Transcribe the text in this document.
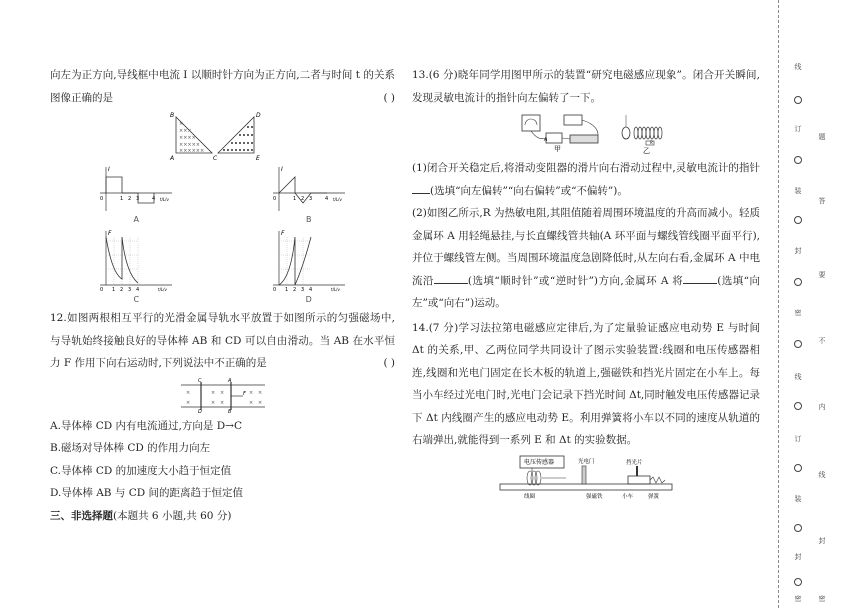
向左为正方向,导线框中电流 I 以顺时针方向为正方向,二者与时间 t 的关系图像正确的是	( )

×
×××
××××
×××××
××××××
B
A	C
D
E
I
0	1 2 3	4 t/L/v
A
I
0	1 2 3	4 t/L/v
B
F
0 1 2 3 4	t/L/v
C
F
0 1 2 3 4	t/L/v
D

12.如图两根相互平行的光滑金属导轨水平放置于如图所示的匀强磁场中,与导轨始终接触良好的导体棒 AB 和 CD 可以自由滑动。当 AB 在水平恒力 F 作用下向右运动时,下列说法中不正确的是	( )

×
×
×
×
×
×
×
×
×
×
C
D
A
B
F

A.导体棒 CD 内有电流通过,方向是 D→C

B.磁场对导体棒 CD 的作用力向左

C.导体棒 CD 的加速度大小趋于恒定值

D.导体棒 AB 与 CD 间的距离趋于恒定值

三、非选择题(本题共 6 小题,共 60 分)

13.(6 分)晓年同学用图甲所示的装置“研究电磁感应现象”。闭合开关瞬间,发现灵敏电流计的指针向左偏转了一下。

A
甲
R
乙

(1)闭合开关稳定后,将滑动变阻器的滑片向右滑动过程中,灵敏电流计的指针(选填“向左偏转”“向右偏转”或“不偏转”)。

(2)如图乙所示,R 为热敏电阻,其阻值随着周围环境温度的升高而减小。轻质金属环 A 用轻绳悬挂,与长直螺线管共轴(A 环平面与螺线管线圈平面平行),并位于螺线管左侧。当周围环境温度急剧降低时,从左向右看,金属环 A 中电流沿	(选填“顺时针”或“逆时针”)方向,金属环 A 将	(选填“向左”或“向右”)运动。

14.(7 分)学习法拉第电磁感应定律后,为了定量验证感应电动势 E 与时间 Δt 的关系,甲、乙两位同学共同设计了图示实验装置:线圈和电压传感器相连,线圈和光电门固定在长木板的轨道上,强磁铁和挡光片固定在小车上。每当小车经过光电门时,光电门会记录下挡光时间 Δt,同时触发电压传感器记录下 Δt 内线圈产生的感应电动势 E。利用弹簧将小车以不同的速度从轨道的右端弹出,就能得到一系列 E 和 Δt 的实验数据。

电压传感器	光电门	挡光片
线圈	强磁铁	小车	弹簧
线
订
装
封
密
线
订
装
封
密
题
答
要
不
内
线
封
密
